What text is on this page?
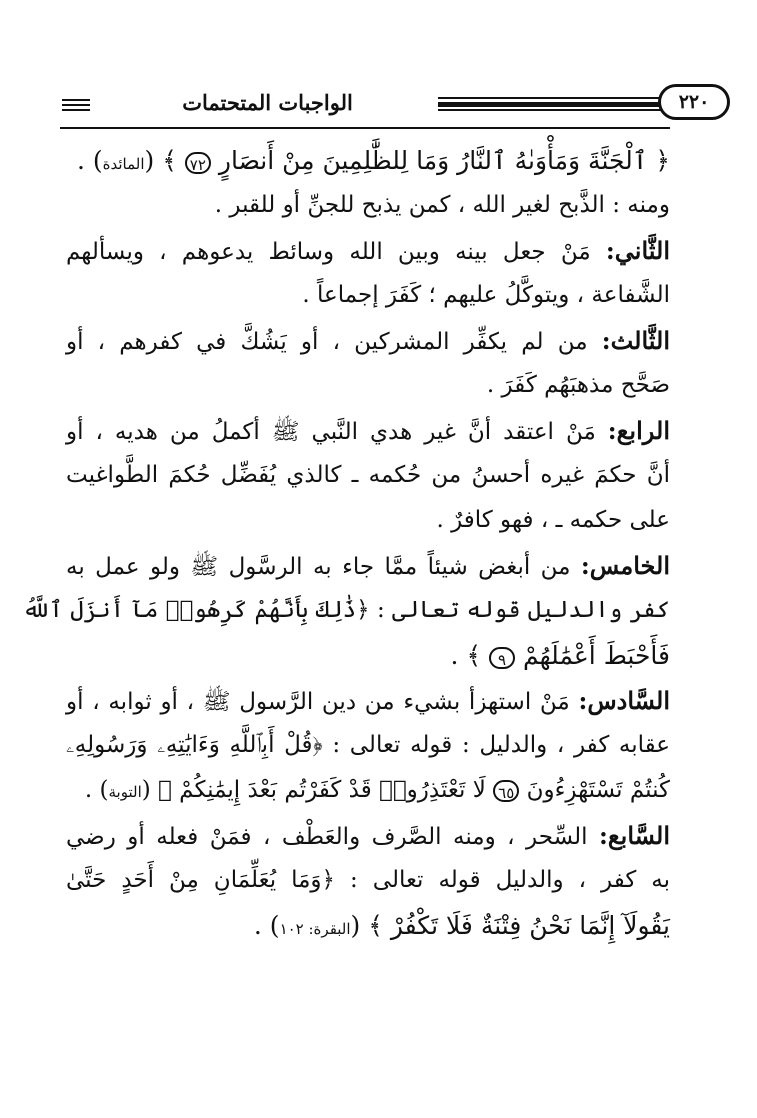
الواجبات المتحتمات	٢٢٠
﴿ ٱلْجَنَّةَ وَمَأْوَىٰهُ ٱلنَّارُ وَمَا لِلظَّٰلِمِينَ مِنْ أَنصَارٍ ٧٢ ﴾ (المائدة) .
ومنه : الذَّبح لغير الله ، كمن يذبح للجنِّ أو للقبر .
الثَّاني: مَنْ جعل بينه وبين الله وسائط يدعوهم ، ويسألهم
الشَّفاعة ، ويتوكَّلُ عليهم ؛ كَفَرَ إجماعاً .
الثَّالث: من لم يكفِّر المشركين ، أو يَشُكَّ في كفرهم ، أو
صَحَّح مذهبَهُم كَفَرَ .
الرابع: مَنْ اعتقد أنَّ غير هدي النَّبي ﷺ أكملُ من هديه ، أو
أنَّ حكمَ غيره أحسنُ من حُكمه ـ كالذي يُفَضِّل حُكمَ الطَّواغيت
على حكمه ـ ، فهو كافرٌ .
الخامس: من أبغض شيئاً ممَّا جاء به الرسَّول ﷺ ولو عمل به
كفر والدليل قوله تعالى : ﴿ذَٰلِكَ بِأَنَّهُمْ كَرِهُوا۟ مَآ أَنزَلَ ٱللَّهُ
فَأَحْبَطَ أَعْمَٰلَهُمْ ٩ ﴾ .
السَّادس: مَنْ استهزأ بشيء من دين الرَّسول ﷺ ، أو ثوابه ، أو
عقابه كفر ، والدليل : قوله تعالى : ﴿قُلْ أَبِٱللَّهِ وَءَايَٰتِهِۦ وَرَسُولِهِۦ
كُنتُمْ تَسْتَهْزِءُونَ ٦٥ لَا تَعْتَذِرُوا۟ قَدْ كَفَرْتُم بَعْدَ إِيمَٰنِكُمْ ﴾ (التوبة) .
السَّابع: السِّحر ، ومنه الصَّرف والعَطْف ، فمَنْ فعله أو رضي
به كفر ، والدليل قوله تعالى : ﴿وَمَا يُعَلِّمَانِ مِنْ أَحَدٍ حَتَّىٰ
يَقُولَآ إِنَّمَا نَحْنُ فِتْنَةٌ فَلَا تَكْفُرْ ﴾ (البقرة: ١٠٢) .
